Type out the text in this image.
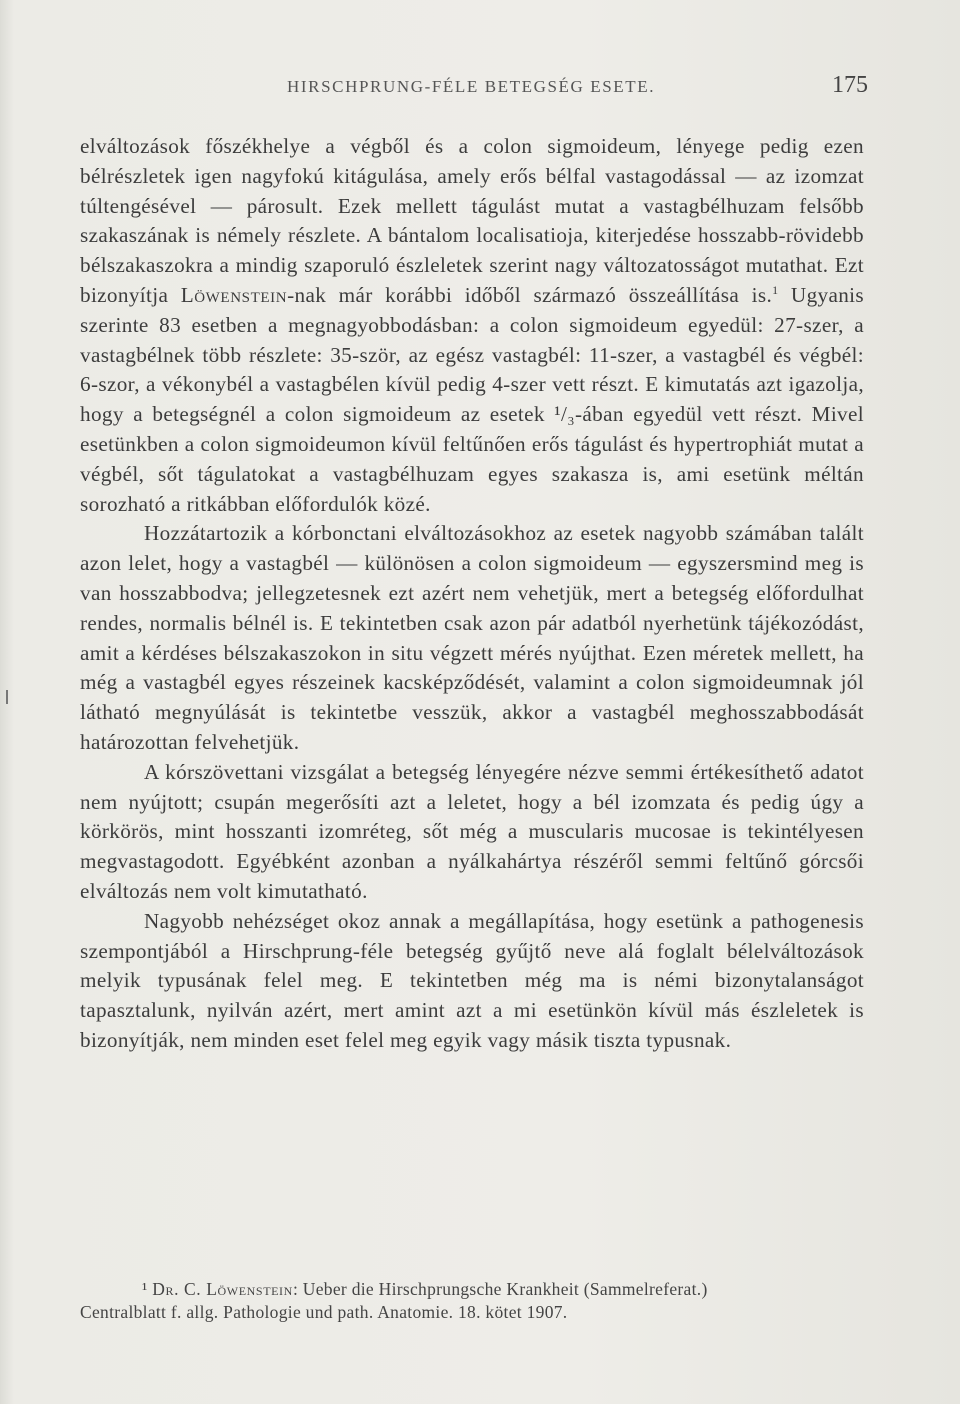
HIRSCHPRUNG-FÉLE BETEGSÉG ESETE.	175

elváltozások főszékhelye a végből és a colon sigmoideum, lényege pedig ezen bélrészletek igen nagyfokú kitágulása, amely erős bélfal vastagodással — az izomzat túltengésével — párosult. Ezek mellett tágulást mutat a vastagbélhuzam felsőbb szakaszának is némely részlete. A bántalom localisatioja, kiterjedése hosszabb-rövidebb bélszakaszokra a mindig szaporuló észleletek szerint nagy változatosságot mutathat. Ezt bizonyítja Löwenstein-nak már korábbi időből származó összeállítása is.$^1$ Ugyanis szerinte 83 esetben a megnagyobbodásban: a colon sigmoideum egyedül: 27-szer, a vastagbélnek több részlete: 35-ször, az egész vastagbél: 11-szer, a vastagbél és végbél: 6-szor, a vékonybél a vastagbélen kívül pedig 4-szer vett részt. E kimutatás azt igazolja, hogy a betegségnél a colon sigmoideum az esetek ¹/₃-ában egyedül vett részt. Mivel esetünkben a colon sigmoideumon kívül feltűnően erős tágulást és hypertrophiát mutat a végbél, sőt tágulatokat a vastagbélhuzam egyes szakasza is, ami esetünk méltán sorozható a ritkábban előfordulók közé.

Hozzátartozik a kórbonctani elváltozásokhoz az esetek nagyobb számában talált azon lelet, hogy a vastagbél — különösen a colon sigmoideum — egyszersmind meg is van hosszabbodva; jellegzetesnek ezt azért nem vehetjük, mert a betegség előfordulhat rendes, normalis bélnél is. E tekintetben csak azon pár adatból nyerhetünk tájékozódást, amit a kérdéses bélszakaszokon in situ végzett mérés nyújthat. Ezen méretek mellett, ha még a vastagbél egyes részeinek kacsképződését, valamint a colon sigmoideumnak jól látható megnyúlását is tekintetbe vesszük, akkor a vastagbél meghosszabbodását határozottan felvehetjük.

A kórszövettani vizsgálat a betegség lényegére nézve semmi értékesíthető adatot nem nyújtott; csupán megerősíti azt a leletet, hogy a bél izomzata és pedig úgy a körkörös, mint hosszanti izomréteg, sőt még a muscularis mucosae is tekintélyesen megvastagodott. Egyébként azonban a nyálkahártya részéről semmi feltűnő górcsői elváltozás nem volt kimutatható.

Nagyobb nehézséget okoz annak a megállapítása, hogy esetünk a pathogenesis szempontjából a Hirschprung-féle betegség gyűjtő neve alá foglalt bélelváltozások melyik typusának felel meg. E tekintetben még ma is némi bizonytalanságot tapasztalunk, nyilván azért, mert amint azt a mi esetünkön kívül más észleletek is bizonyítják, nem minden eset felel meg egyik vagy másik tiszta typusnak.

¹ Dr. C. Löwenstein: Ueber die Hirschprungsche Krankheit (Sammelreferat.)

Centralblatt f. allg. Pathologie und path. Anatomie. 18. kötet 1907.
